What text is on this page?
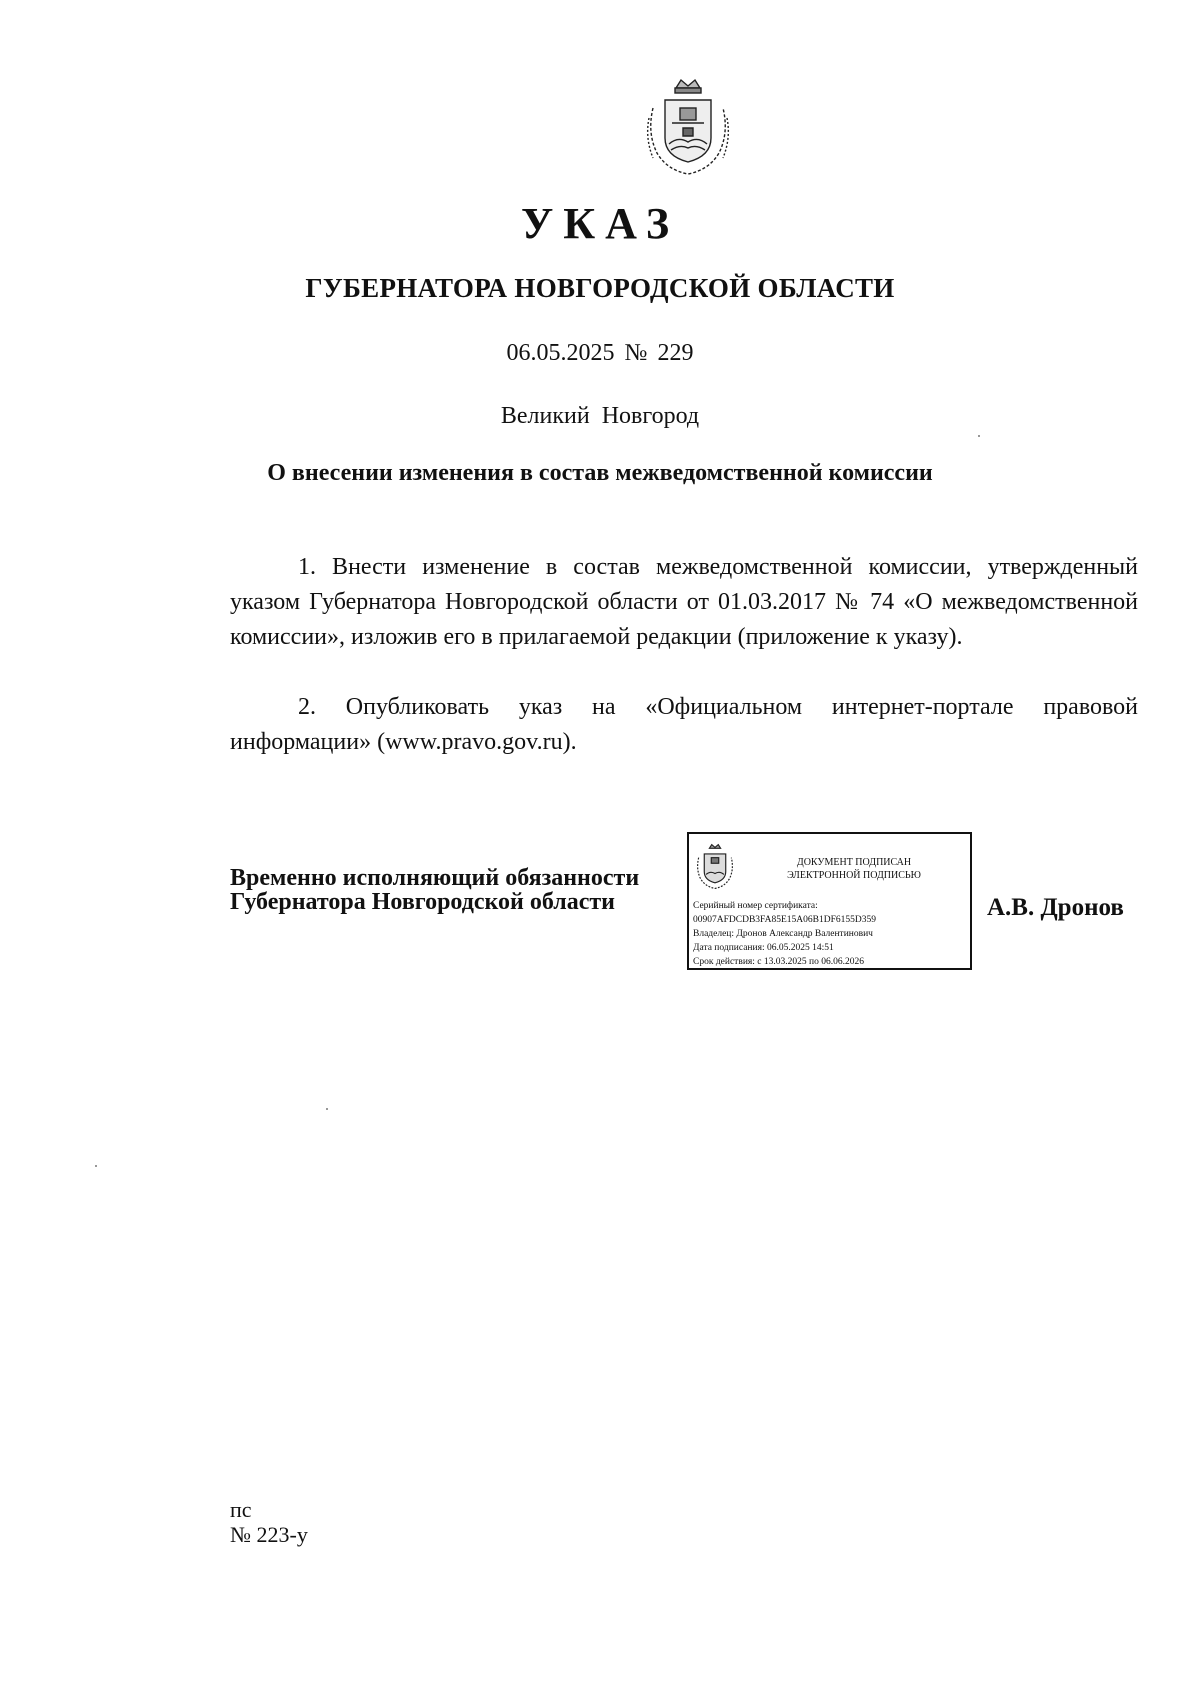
УКАЗ
ГУБЕРНАТОРА НОВГОРОДСКОЙ ОБЛАСТИ
06.05.2025 № 229
Великий Новгород
О внесении изменения в состав межведомственной комиссии
1. Внести изменение в состав межведомственной комиссии, утвержденный указом Губернатора Новгородской области от 01.03.2017 № 74 «О межведомственной комиссии», изложив его в прилагаемой редакции (приложение к указу).
2. Опубликовать указ на «Официальном интернет-портале правовой информации» (www.pravo.gov.ru).
Временно исполняющий обязанности
Губернатора Новгородской области
ДОКУМЕНТ ПОДПИСАН
ЭЛЕКТРОННОЙ ПОДПИСЬЮ
Серийный номер сертификата:
00907AFDCDB3FA85E15A06B1DF6155D359
Владелец: Дронов Александр Валентинович
Дата подписания: 06.05.2025 14:51
Срок действия: с 13.03.2025 по 06.06.2026
А.В. Дронов
пс
№ 223-у
